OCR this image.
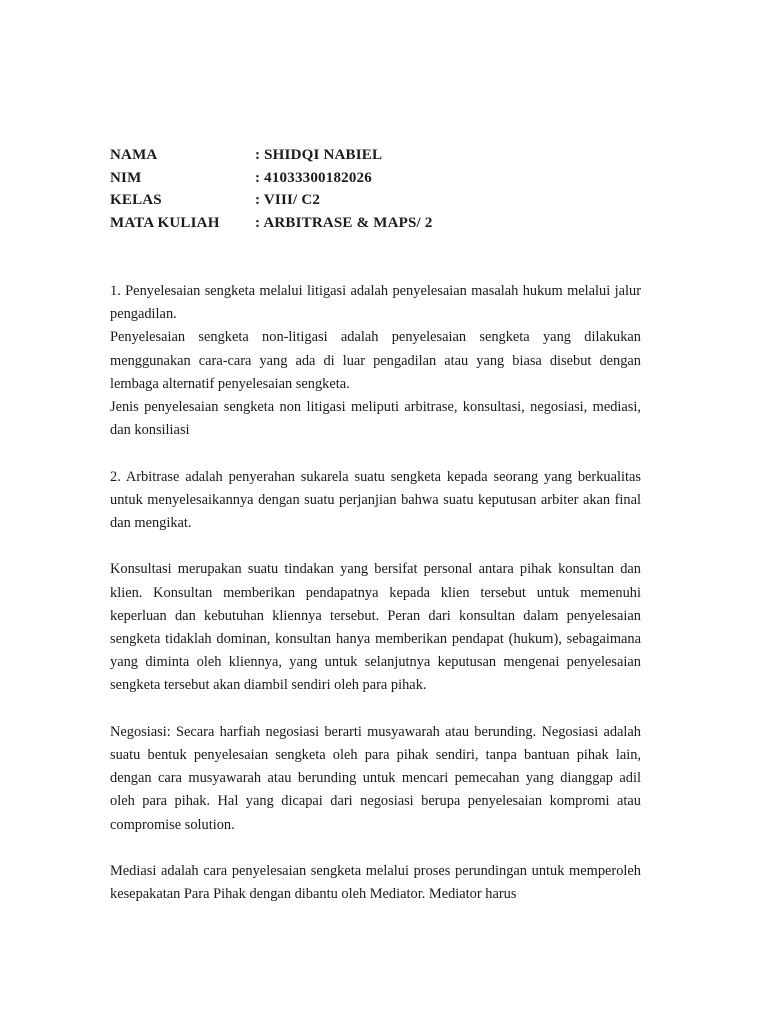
NAMA	: SHIDQI NABIEL
NIM	: 41033300182026
KELAS	: VIII/ C2
MATA KULIAH	: ARBITRASE & MAPS/ 2

1. Penyelesaian sengketa melalui litigasi adalah penyelesaian masalah hukum melalui jalur pengadilan.

Penyelesaian sengketa non-litigasi adalah penyelesaian sengketa yang dilakukan menggunakan cara-cara yang ada di luar pengadilan atau yang biasa disebut dengan lembaga alternatif penyelesaian sengketa.

Jenis penyelesaian sengketa non litigasi meliputi arbitrase, konsultasi, negosiasi, mediasi, dan konsiliasi

2. Arbitrase adalah penyerahan sukarela suatu sengketa kepada seorang yang berkualitas untuk menyelesaikannya dengan suatu perjanjian bahwa suatu keputusan arbiter akan final dan mengikat.

Konsultasi merupakan suatu tindakan yang bersifat personal antara pihak konsultan dan klien. Konsultan memberikan pendapatnya kepada klien tersebut untuk memenuhi keperluan dan kebutuhan kliennya tersebut. Peran dari konsultan dalam penyelesaian sengketa tidaklah dominan, konsultan hanya memberikan pendapat (hukum), sebagaimana yang diminta oleh kliennya, yang untuk selanjutnya keputusan mengenai penyelesaian sengketa tersebut akan diambil sendiri oleh para pihak.

Negosiasi: Secara harfiah negosiasi berarti musyawarah atau berunding. Negosiasi adalah suatu bentuk penyelesaian sengketa oleh para pihak sendiri, tanpa bantuan pihak lain, dengan cara musyawarah atau berunding untuk mencari pemecahan yang dianggap adil oleh para pihak. Hal yang dicapai dari negosiasi berupa penyelesaian kompromi atau compromise solution.

Mediasi adalah cara penyelesaian sengketa melalui proses perundingan untuk memperoleh kesepakatan Para Pihak dengan dibantu oleh Mediator. Mediator harus
